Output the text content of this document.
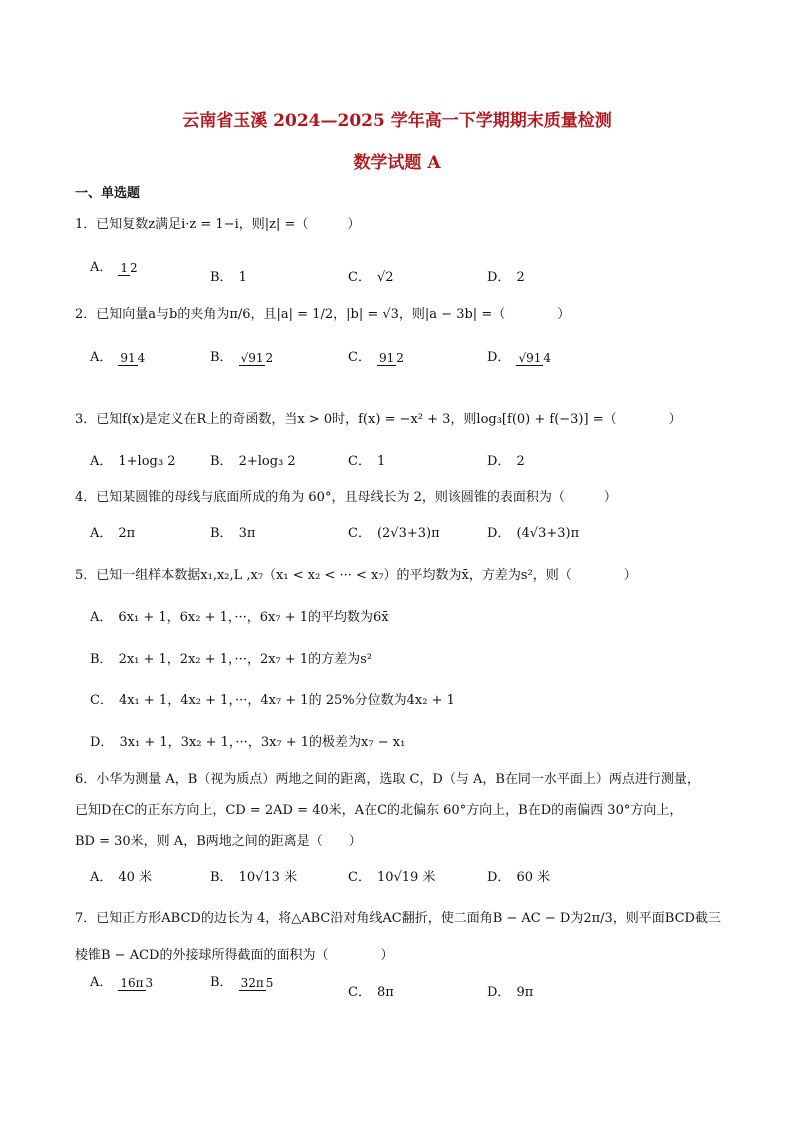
云南省玉溪 2024—2025 学年高一下学期期末质量检测
数学试题 A
一、单选题
1．已知复数z满足i·z = 1−i，则|z| =（　　　）
A． 1 2
B． 1	C． √2	D． 2
2．已知向量a与b的夹角为π/6，且|a| = 1/2，|b| = √3，则|a − 3b| =（　　　　）
A． 91 4	B． √91 2	C． 91 2	D． √91 4
3．已知f(x)是定义在R上的奇函数，当x > 0时，f(x) = −x² + 3，则log₃[f(0) + f(−3)] =（　　　　）
A． 1+log₃ 2	B． 2+log₃ 2	C． 1	D． 2
4．已知某圆锥的母线与底面所成的角为 60°，且母线长为 2，则该圆锥的表面积为（　　　）
A． 2π	B． 3π	C． (2√3+3)π	D． (4√3+3)π
5．已知一组样本数据x₁,x₂,L ,x₇（x₁ < x₂ < ··· < x₇）的平均数为x̄，方差为s²，则（　　　　）
A． 6x₁ + 1，6x₂ + 1，···，6x₇ + 1的平均数为6x̄
B． 2x₁ + 1，2x₂ + 1，···，2x₇ + 1的方差为s²
C． 4x₁ + 1，4x₂ + 1，···，4x₇ + 1的 25%分位数为4x₂ + 1
D． 3x₁ + 1，3x₂ + 1，···，3x₇ + 1的极差为x₇ − x₁
6．小华为测量 A，B（视为质点）两地之间的距离，选取 C，D（与 A，B在同一水平面上）两点进行测量，
已知D在C的正东方向上，CD = 2AD = 40米，A在C的北偏东 60°方向上，B在D的南偏西 30°方向上，
BD = 30米，则 A，B两地之间的距离是（　　）
A． 40 米	B． 10√13 米	C． 10√19 米	D． 60 米
7．已知正方形ABCD的边长为 4，将△ABC沿对角线AC翻折，使二面角B − AC − D为2π/3，则平面BCD截三
棱锥B − ACD的外接球所得截面的面积为（　　　　）
A． 16π 3	B． 32π 5
C． 8π	D． 9π
